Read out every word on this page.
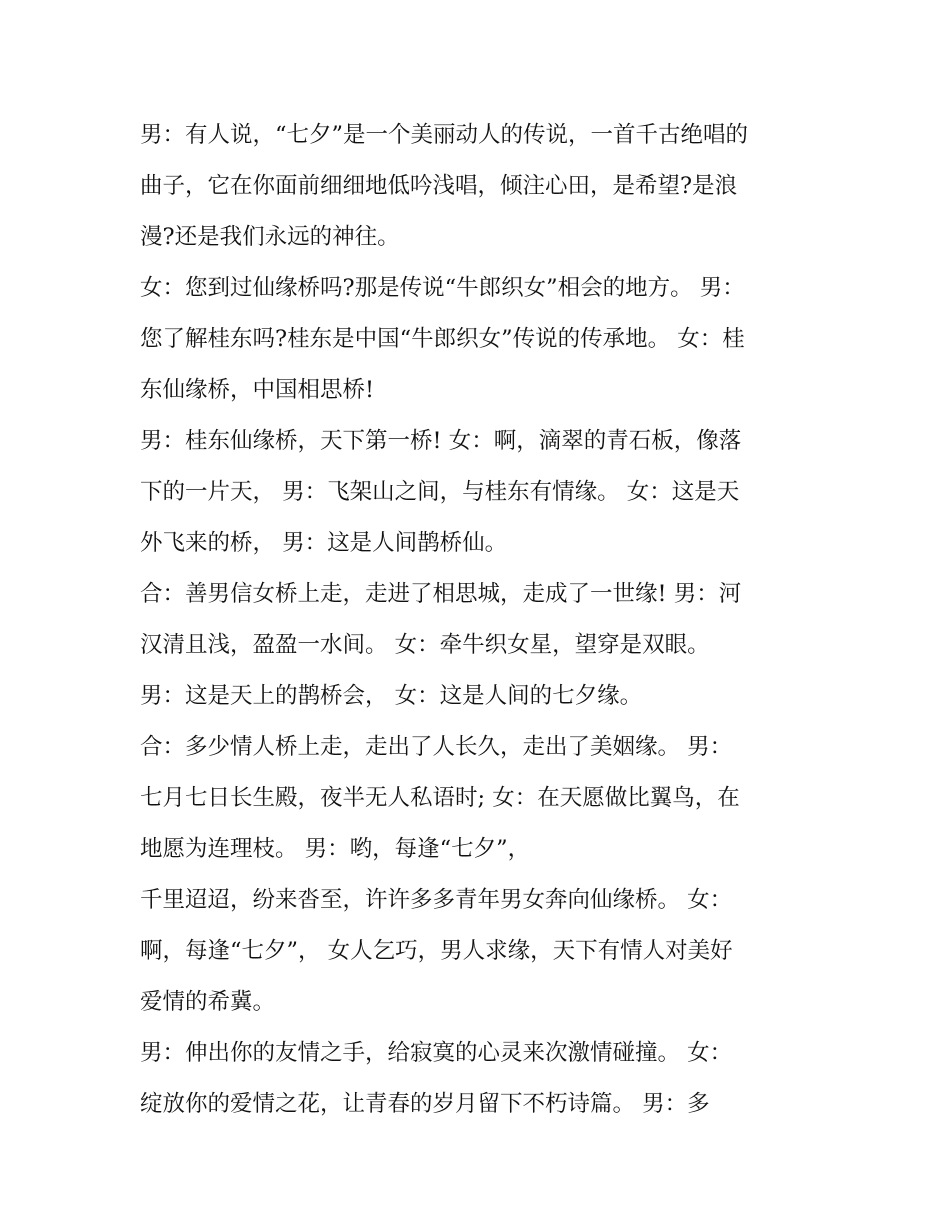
男：有人说，“七夕”是一个美丽动人的传说，一首千古绝唱的
曲子，它在你面前细细地低吟浅唱，倾注心田，是希望?是浪
漫?还是我们永远的神往。

女：您到过仙缘桥吗?那是传说“牛郎织女”相会的地方。 男：
您了解桂东吗?桂东是中国“牛郎织女”传说的传承地。 女：桂
东仙缘桥，中国相思桥!

男：桂东仙缘桥，天下第一桥! 女：啊，滴翠的青石板，像落
下的一片天， 男：飞架山之间，与桂东有情缘。 女：这是天
外飞来的桥， 男：这是人间鹊桥仙。

合：善男信女桥上走，走进了相思城，走成了一世缘! 男：河
汉清且浅，盈盈一水间。 女：牵牛织女星，望穿是双眼。

男：这是天上的鹊桥会， 女：这是人间的七夕缘。

合：多少情人桥上走，走出了人长久，走出了美姻缘。 男：
七月七日长生殿，夜半无人私语时; 女：在天愿做比翼鸟，在
地愿为连理枝。 男：哟，每逢“七夕”，

千里迢迢，纷来沓至，许许多多青年男女奔向仙缘桥。 女：
啊，每逢“七夕”， 女人乞巧，男人求缘，天下有情人对美好
爱情的希冀。

男：伸出你的友情之手，给寂寞的心灵来次激情碰撞。 女：
绽放你的爱情之花，让青春的岁月留下不朽诗篇。 男：多
